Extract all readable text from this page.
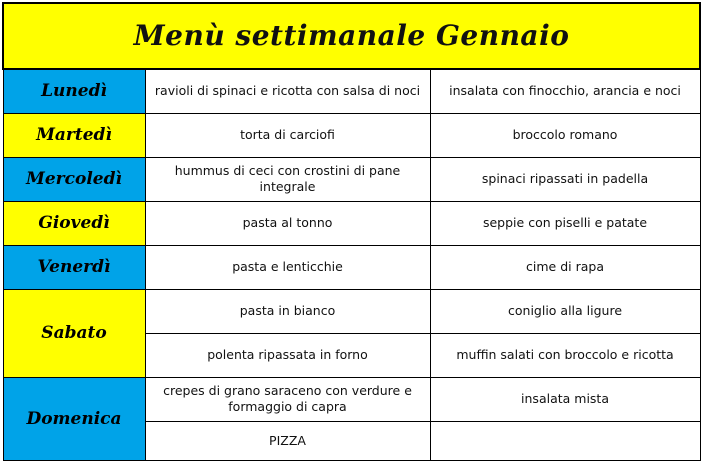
Menù settimanale Gennaio		
Lunedì	ravioli di spinaci e ricotta con salsa di noci	insalata con finocchio, arancia e noci
Martedì	torta di carciofi	broccolo romano
Mercoledì	hummus di ceci con crostini di pane integrale	spinaci ripassati in padella
Giovedì	pasta al tonno	seppie con piselli e patate
Venerdì	pasta e lenticchie	cime di rapa
Sabato	pasta in bianco	coniglio alla ligure
	polenta ripassata in forno	muffin salati con broccolo e ricotta
Domenica	crepes di grano saraceno con verdure e formaggio di capra	insalata mista
	PIZZA	
